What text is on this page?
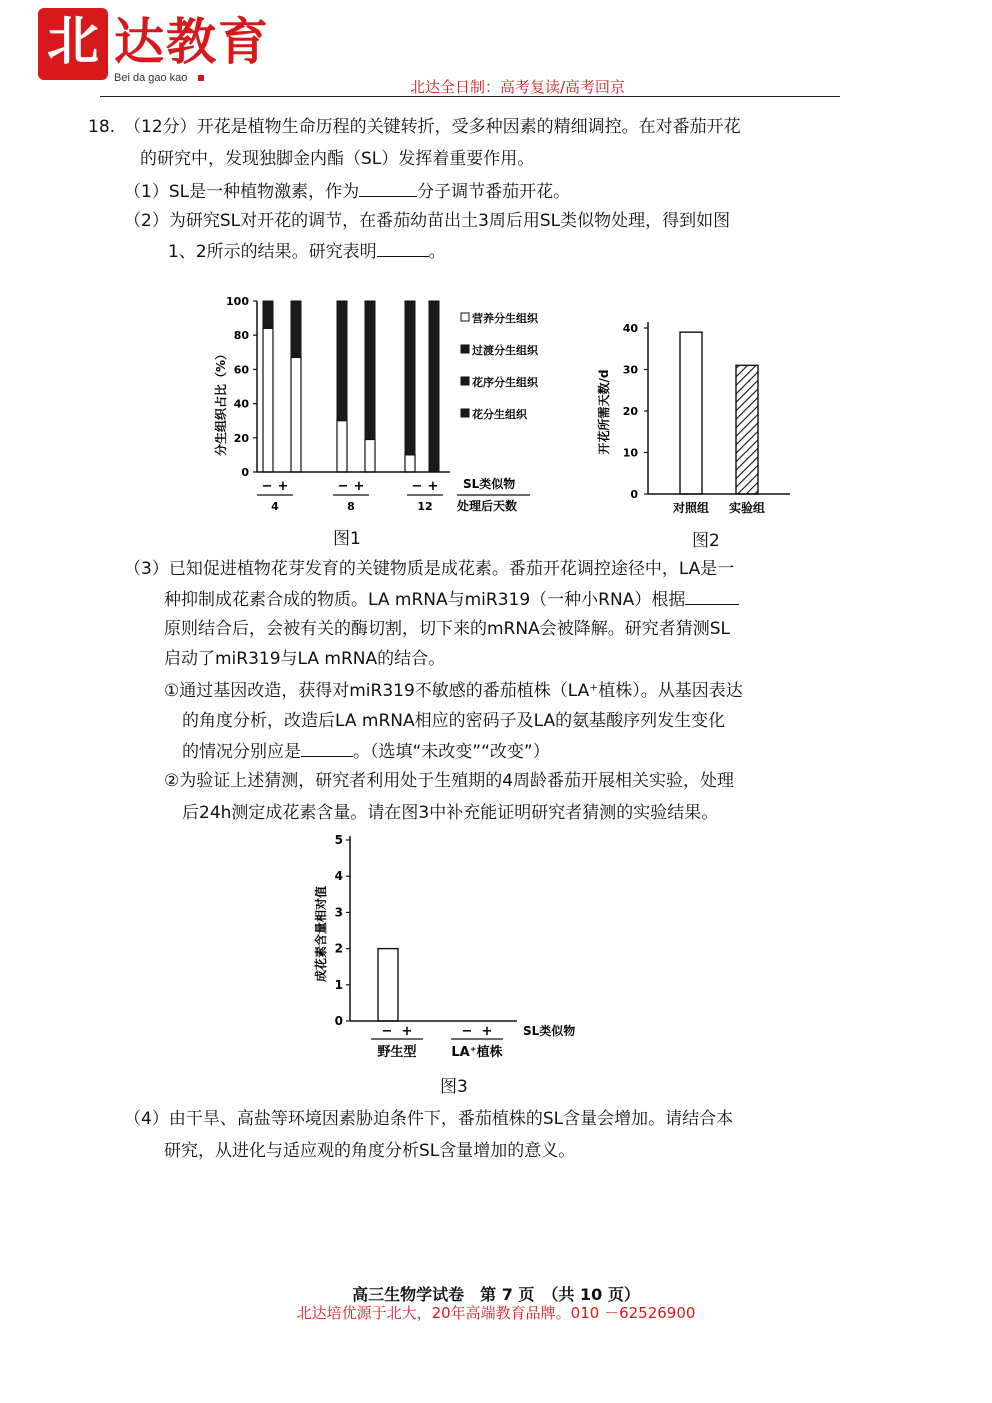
北 达教育
Bei da gao kao	北达全日制：高考复读/高考回京
18. （12分）开花是植物生命历程的关键转折，受多种因素的精细调控。在对番茄开花
的研究中，发现独脚金内酯（SL）发挥着重要作用。
（1）SL是一种植物激素，作为	分子调节番茄开花。
（2）为研究SL对开花的调节，在番茄幼苗出土3周后用SL类似物处理，得到如图
1、2所示的结果。研究表明	。
分生组织占比（%）
0
20
40
60
80
100
− +
4
− +
8
− +
12
SL类似物
处理后天数
营养分生组织
过渡分生组织
花序分生组织
花分生组织
图1
开花所需天数/d
0
10
20
30
40
对照组 实验组
图2
（3）已知促进植物花芽发育的关键物质是成花素。番茄开花调控途径中，LA是一
种抑制成花素合成的物质。LA mRNA与miR319（一种小RNA）根据
原则结合后，会被有关的酶切割，切下来的mRNA会被降解。研究者猜测SL
启动了miR319与LA mRNA的结合。
①通过基因改造，获得对miR319不敏感的番茄植株（LA⁺植株）。从基因表达
的角度分析，改造后LA mRNA相应的密码子及LA的氨基酸序列发生变化
的情况分别应是	。（选填“未改变”“改变”）
②为验证上述猜测，研究者利用处于生殖期的4周龄番茄开展相关实验，处理
后24h测定成花素含量。请在图3中补充能证明研究者猜测的实验结果。
成花素含量相对值
0
1
2
3
4
5
− +
野生型
− +
LA⁺植株
SL类似物
图3
（4）由干旱、高盐等环境因素胁迫条件下，番茄植株的SL含量会增加。请结合本
研究，从进化与适应观的角度分析SL含量增加的意义。
高三生物学试卷　第 7 页　（共 10 页）
北达培优源于北大，20年高端教育品牌。010 －62526900
